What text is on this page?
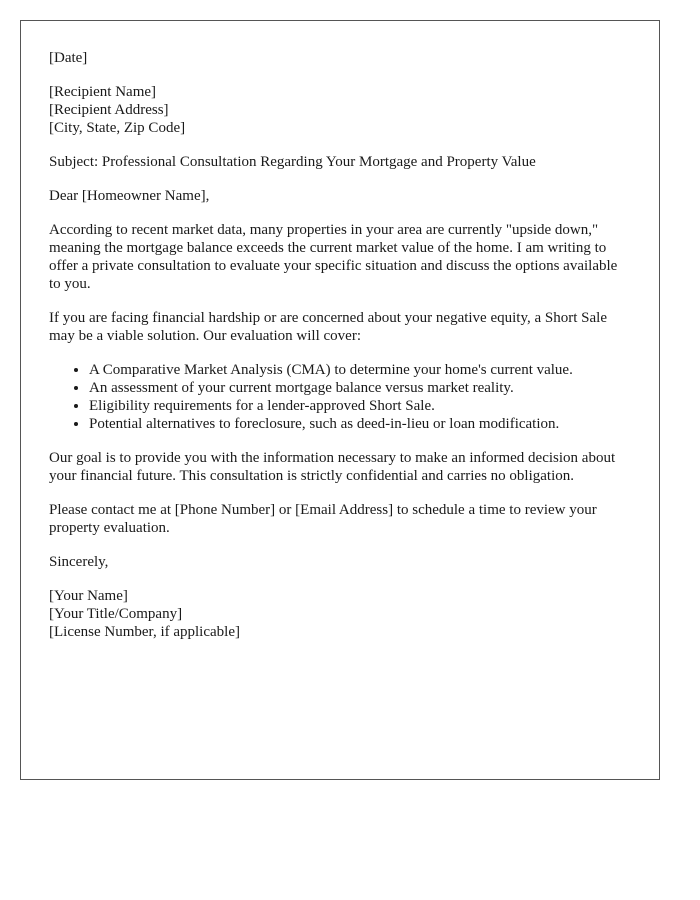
[Date]
[Recipient Name]
[Recipient Address]
[City, State, Zip Code]

Subject: Professional Consultation Regarding Your Mortgage and Property Value

Dear [Homeowner Name],

According to recent market data, many properties in your area are currently "upside down," meaning the mortgage balance exceeds the current market value of the home. I am writing to offer a private consultation to evaluate your specific situation and discuss the options available to you.

If you are facing financial hardship or are concerned about your negative equity, a Short Sale may be a viable solution. Our evaluation will cover:

• A Comparative Market Analysis (CMA) to determine your home's current value.
• An assessment of your current mortgage balance versus market reality.
• Eligibility requirements for a lender-approved Short Sale.
• Potential alternatives to foreclosure, such as deed-in-lieu or loan modification.

Our goal is to provide you with the information necessary to make an informed decision about your financial future. This consultation is strictly confidential and carries no obligation.

Please contact me at [Phone Number] or [Email Address] to schedule a time to review your property evaluation.

Sincerely,

[Your Name]
[Your Title/Company]
[License Number, if applicable]
